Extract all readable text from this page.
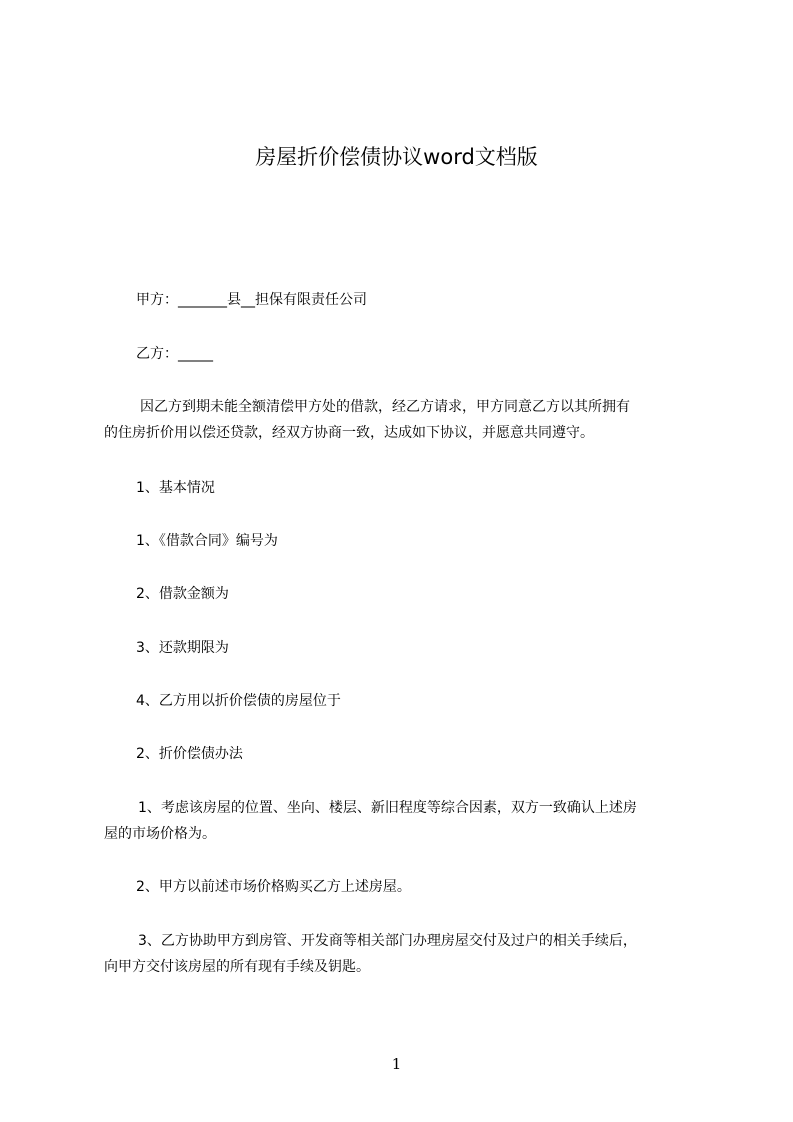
房屋折价偿债协议word文档版
甲方：_______县__担保有限责任公司
乙方：_____
因乙方到期未能全额清偿甲方处的借款，经乙方请求，甲方同意乙方以其所拥有
的住房折价用以偿还贷款，经双方协商一致，达成如下协议，并愿意共同遵守。
1、基本情况
1、《借款合同》编号为
2、借款金额为
3、还款期限为
4、乙方用以折价偿债的房屋位于
2、折价偿债办法
1、考虑该房屋的位置、坐向、楼层、新旧程度等综合因素，双方一致确认上述房
屋的市场价格为。
2、甲方以前述市场价格购买乙方上述房屋。
3、乙方协助甲方到房管、开发商等相关部门办理房屋交付及过户的相关手续后，
向甲方交付该房屋的所有现有手续及钥匙。
1
